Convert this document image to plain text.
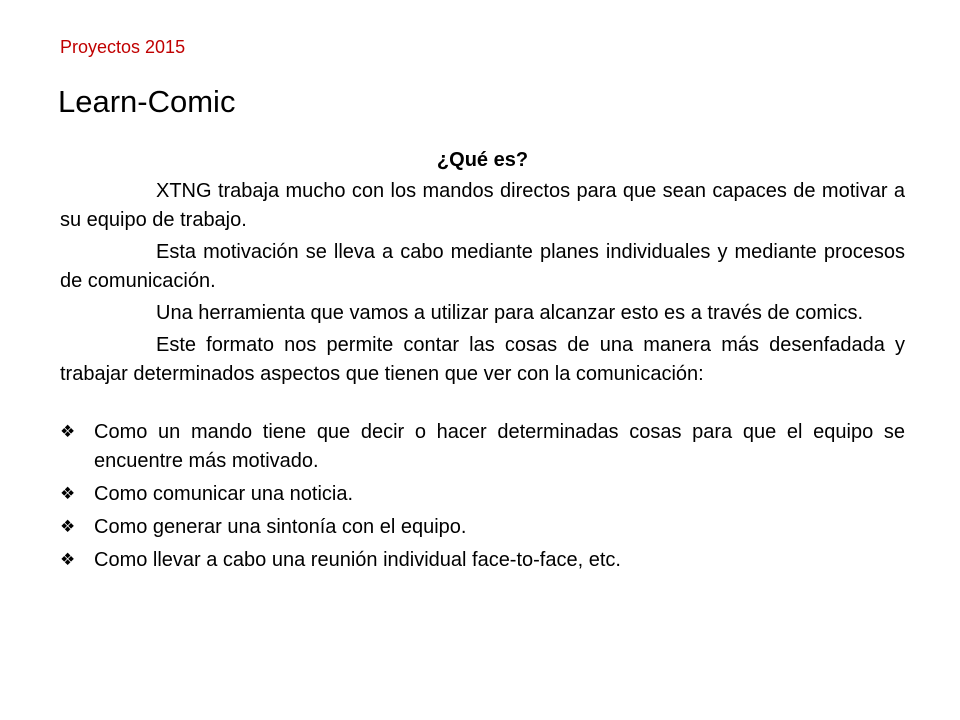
Proyectos 2015
Learn-Comic
¿Qué es?

XTNG trabaja mucho con los mandos directos para que sean capaces de motivar a su equipo de trabajo.

Esta motivación se lleva a cabo mediante planes individuales y mediante procesos de comunicación.

Una herramienta que vamos a utilizar para alcanzar esto es a través de comics.

Este formato nos permite contar las cosas de una manera más desenfadada y trabajar determinados aspectos que tienen que ver con la comunicación:

❖ Como un mando tiene que decir o hacer determinadas cosas para que el equipo se encuentre más motivado.
❖ Como comunicar una noticia.
❖ Como generar una sintonía con el equipo.
❖ Como llevar a cabo una reunión individual face-to-face, etc.
